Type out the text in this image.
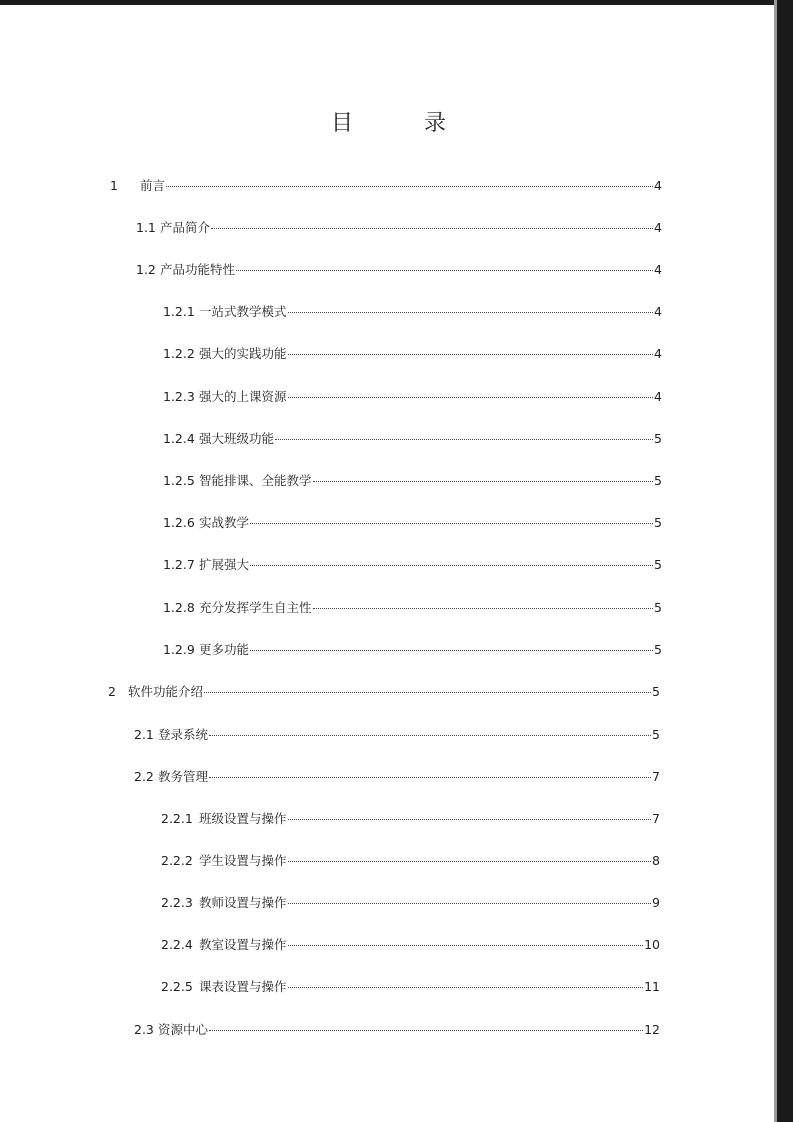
目 录
1	前言	4
1.1 产品简介	4
1.2 产品功能特性	4
1.2.1 一站式教学模式	4
1.2.2 强大的实践功能	4
1.2.3 强大的上课资源	4
1.2.4 强大班级功能	5
1.2.5 智能排课、全能教学	5
1.2.6 实战教学	5
1.2.7 扩展强大	5
1.2.8 充分发挥学生自主性	5
1.2.9 更多功能	5
2 软件功能介绍	5
2.1 登录系统	5
2.2 教务管理	7
2.2.1 班级设置与操作	7
2.2.2 学生设置与操作	8
2.2.3 教师设置与操作	9
2.2.4 教室设置与操作	10
2.2.5 课表设置与操作	11
2.3 资源中心	12
